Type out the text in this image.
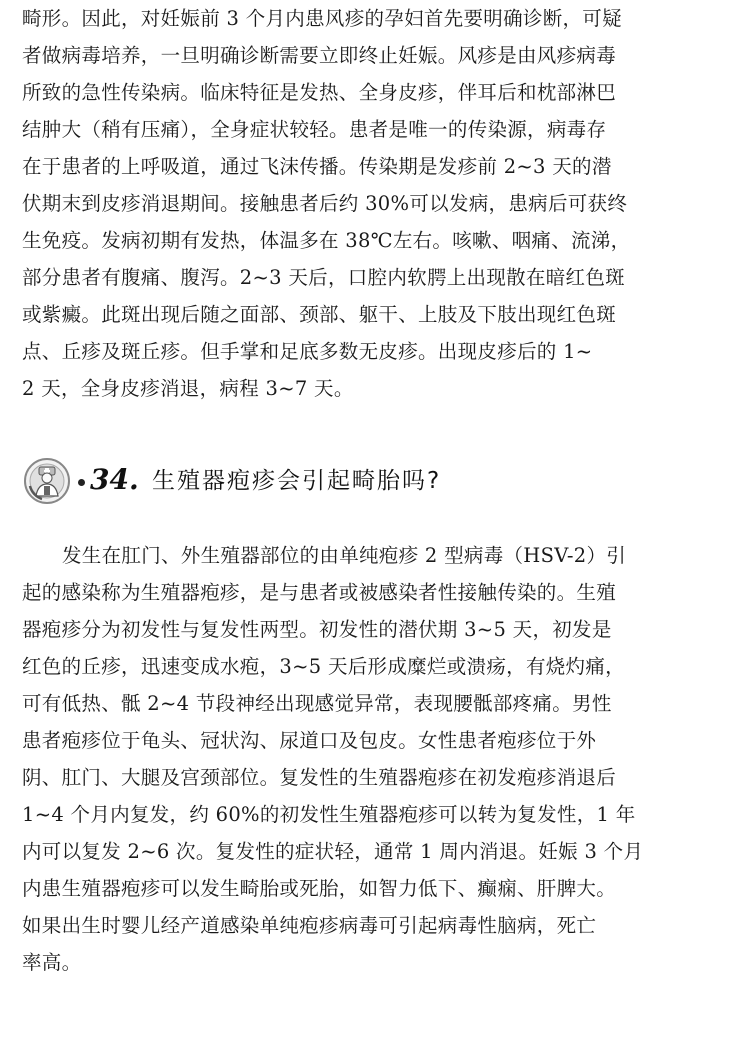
畸形。因此，对妊娠前 3 个月内患风疹的孕妇首先要明确诊断，可疑
者做病毒培养，一旦明确诊断需要立即终止妊娠。风疹是由风疹病毒
所致的急性传染病。临床特征是发热、全身皮疹，伴耳后和枕部淋巴
结肿大（稍有压痛），全身症状较轻。患者是唯一的传染源，病毒存
在于患者的上呼吸道，通过飞沫传播。传染期是发疹前 2~3 天的潜
伏期末到皮疹消退期间。接触患者后约 30%可以发病，患病后可获终
生免疫。发病初期有发热，体温多在 38℃左右。咳嗽、咽痛、流涕，
部分患者有腹痛、腹泻。2~3 天后，口腔内软腭上出现散在暗红色斑
或紫癜。此斑出现后随之面部、颈部、躯干、上肢及下肢出现红色斑
点、丘疹及斑丘疹。但手掌和足底多数无皮疹。出现皮疹后的 1~
2 天，全身皮疹消退，病程 3~7 天。
34. 生殖器疱疹会引起畸胎吗?
发生在肛门、外生殖器部位的由单纯疱疹 2 型病毒（HSV-2）引
起的感染称为生殖器疱疹，是与患者或被感染者性接触传染的。生殖
器疱疹分为初发性与复发性两型。初发性的潜伏期 3~5 天，初发是
红色的丘疹，迅速变成水疱，3~5 天后形成糜烂或溃疡，有烧灼痛，
可有低热、骶 2~4 节段神经出现感觉异常，表现腰骶部疼痛。男性
患者疱疹位于龟头、冠状沟、尿道口及包皮。女性患者疱疹位于外
阴、肛门、大腿及宫颈部位。复发性的生殖器疱疹在初发疱疹消退后
1~4 个月内复发，约 60%的初发性生殖器疱疹可以转为复发性，1 年
内可以复发 2~6 次。复发性的症状轻，通常 1 周内消退。妊娠 3 个月
内患生殖器疱疹可以发生畸胎或死胎，如智力低下、癫痫、肝脾大。
如果出生时婴儿经产道感染单纯疱疹病毒可引起病毒性脑病，死亡
率高。
